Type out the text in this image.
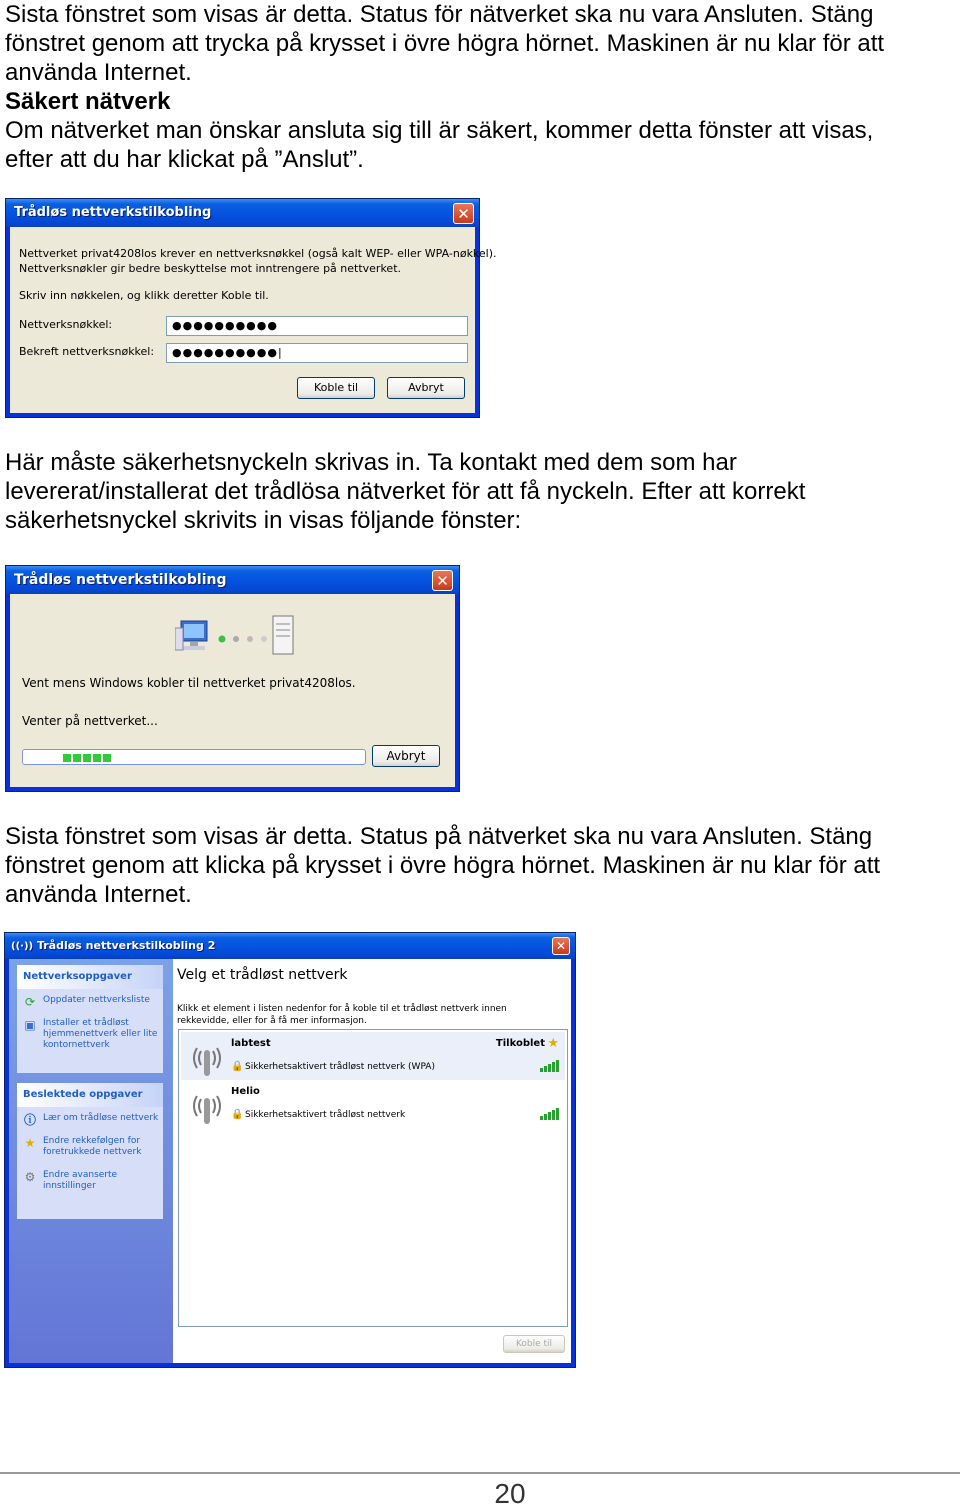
Sista fönstret som visas är detta. Status för nätverket ska nu vara Ansluten. Stäng
fönstret genom att trycka på krysset i övre högra hörnet. Maskinen är nu klar för att
använda Internet.
Säkert nätverk
Om nätverket man önskar ansluta sig till är säkert, kommer detta fönster att visas,
efter att du har klickat på ”Anslut”.

Trådløs nettverkstilkobling	✕
Nettverket privat4208los krever en nettverksnøkkel (også kalt WEP- eller WPA-nøkkel).
Nettverksnøkler gir bedre beskyttelse mot inntrengere på nettverket.
Skriv inn nøkkelen, og klikk deretter Koble til.
Nettverksnøkkel:	●●●●●●●●●●
Bekreft nettverksnøkkel:	●●●●●●●●●●|
Koble til	Avbryt

Här måste säkerhetsnyckeln skrivas in. Ta kontakt med dem som har
levererat/installerat det trådlösa nätverket för att få nyckeln. Efter att korrekt
säkerhetsnyckel skrivits in visas följande fönster:

Trådløs nettverkstilkobling	✕
Vent mens Windows kobler til nettverket privat4208los.
Venter på nettverket...
Avbryt

Sista fönstret som visas är detta. Status på nätverket ska nu vara Ansluten. Stäng
fönstret genom att klicka på krysset i övre högra hörnet. Maskinen är nu klar för att
använda Internet.

((·)) Trådløs nettverkstilkobling 2	✕
Nettverksoppgaver
⟳ Oppdater nettverksliste
▣ Installer et trådløst hjemmenettverk eller lite kontornettverk
Beslektede oppgaver
ⓘ Lær om trådløse nettverk
★ Endre rekkefølgen for foretrukkede nettverk
⚙ Endre avanserte innstillinger
Velg et trådløst nettverk
Klikk et element i listen nedenfor for å koble til et trådløst nettverk innen rekkevidde, eller for å få mer informasjon.
labtest	Tilkoblet ★
🔒 Sikkerhetsaktivert trådløst nettverk (WPA)
Helio
🔒 Sikkerhetsaktivert trådløst nettverk
Koble til
20
